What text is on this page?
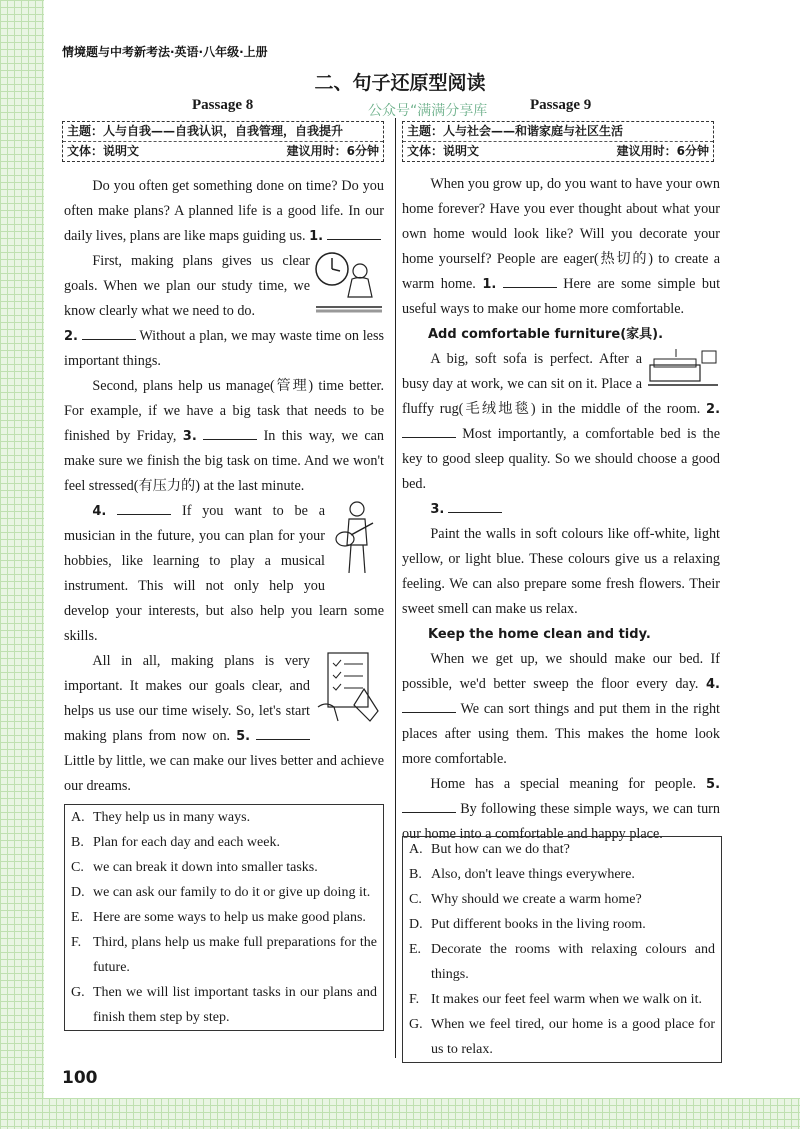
情境题与中考新考法·英语·八年级·上册
二、句子还原型阅读
公众号“满满分享库
Passage 8	Passage 9
主题：人与自我——自我认识，自我管理，自我提升
文体：说明文	建议用时：6分钟
主题：人与社会——和谐家庭与社区生活
文体：说明文	建议用时：6分钟

Do you often get something done on time? Do you often make plans? A planned life is a good life. In our daily lives, plans are like maps guiding us. 1.

First, making plans gives us clear goals. When we plan our study time, we know clearly what we need to do.

2.	Without a plan, we may waste time on less important things.

Second, plans help us manage(管理) time better. For example, if we have a big task that needs to be finished by Friday, 3.	In this way, we can make sure we finish the big task on time. And we won't feel stressed(有压力的) at the last minute.

4.	If you want to be a musician in the future, you can plan for your hobbies, like learning to play a musical instrument. This will not only help you develop your interests, but also help you learn some skills.

All in all, making plans is very important. It makes our goals clear, and helps us use our time wisely. So, let's start making plans from now on. 5.  Little by little, we can make our lives better and achieve our dreams.

A. They help us in many ways.
B. Plan for each day and each week.
C. we can break it down into smaller tasks.
D. we can ask our family to do it or give up doing it.
E. Here are some ways to help us make good plans.
F. Third, plans help us make full preparations for the future.
G. Then we will list important tasks in our plans and finish them step by step.

When you grow up, do you want to have your own home forever? Have you ever thought about what your own home would look like? Will you decorate your home yourself? People are eager(热切的) to create a warm home. 1.	Here are some simple but useful ways to make our home more comfortable.

Add comfortable furniture(家具).

A big, soft sofa is perfect. After a busy day at work, we can sit on it. Place a fluffy rug(毛绒地毯) in the middle of the room. 2.  Most importantly, a comfortable bed is the key to good sleep quality. So we should choose a good bed.

3.

Paint the walls in soft colours like off-white, light yellow, or light blue. These colours give us a relaxing feeling. We can also prepare some fresh flowers. Their sweet smell can make us relax.

Keep the home clean and tidy.

When we get up, we should make our bed. If possible, we'd better sweep the floor every day. 4.  We can sort things and put them in the right places after using them. This makes the home look more comfortable.

Home has a special meaning for people. 5.  By following these simple ways, we can turn our home into a comfortable and happy place.

A. But how can we do that?
B. Also, don't leave things everywhere.
C. Why should we create a warm home?
D. Put different books in the living room.
E. Decorate the rooms with relaxing colours and things.
F. It makes our feet feel warm when we walk on it.
G. When we feel tired, our home is a good place for us to relax.
100
